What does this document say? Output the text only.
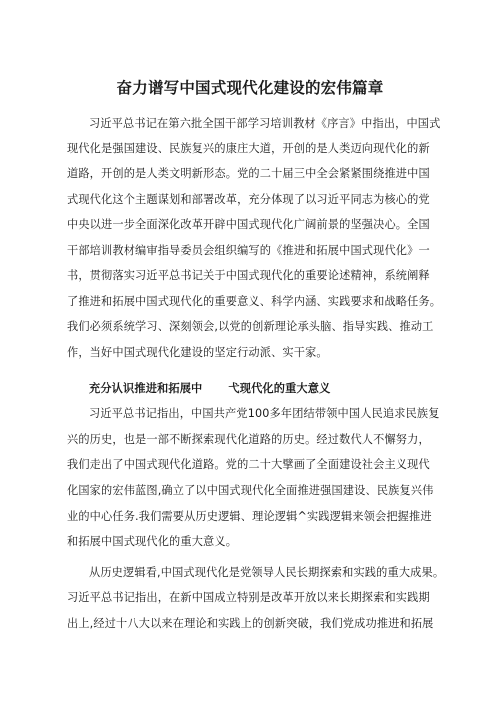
奋力谱写中国式现代化建设的宏伟篇章
习近平总书记在第六批全国干部学习培训教材《序言》中指出，中国式
现代化是强国建设、民族复兴的康庄大道，开创的是人类迈向现代化的新
道路，开创的是人类文明新形态。党的二十届三中全会紧紧围绕推进中国
式现代化这个主题谋划和部署改革，充分体现了以习近平同志为核心的党
中央以进一步全面深化改革开辟中国式现代化广阔前景的坚强决心。全国
干部培训教材编审指导委员会组织编写的《推进和拓展中国式现代化》一
书，贯彻落实习近平总书记关于中国式现代化的重要论述精神，系统阐释
了推进和拓展中国式现代化的重要意义、科学内涵、实践要求和战略任务。
我们必须系统学习、深刻领会,以党的创新理论承头脑、指导实践、推动工
作，当好中国式现代化建设的坚定行动派、实干家。
充分认识推进和拓展中 弋现代化的重大意义
习近平总书记指出，中国共产党100多年团结带领中国人民追求民族复
兴的历史，也是一部不断探索现代化道路的历史。经过数代人不懈努力，
我们走出了中国式现代化道路。党的二十大擘画了全面建设社会主义现代
化国家的宏伟蓝图,确立了以中国式现代化全面推进强国建设、民族复兴伟
业的中心任务.我们需要从历史逻辑、理论逻辑^实践逻辑来领会把握推进
和拓展中国式现代化的重大意义。
从历史逻辑看,中国式现代化是党领导人民长期探索和实践的重大成果。
习近平总书记指出，在新中国成立特别是改革开放以来长期探索和实践期
出上,经过十八大以来在理论和实践上的创新突破，我们党成功推进和拓展
